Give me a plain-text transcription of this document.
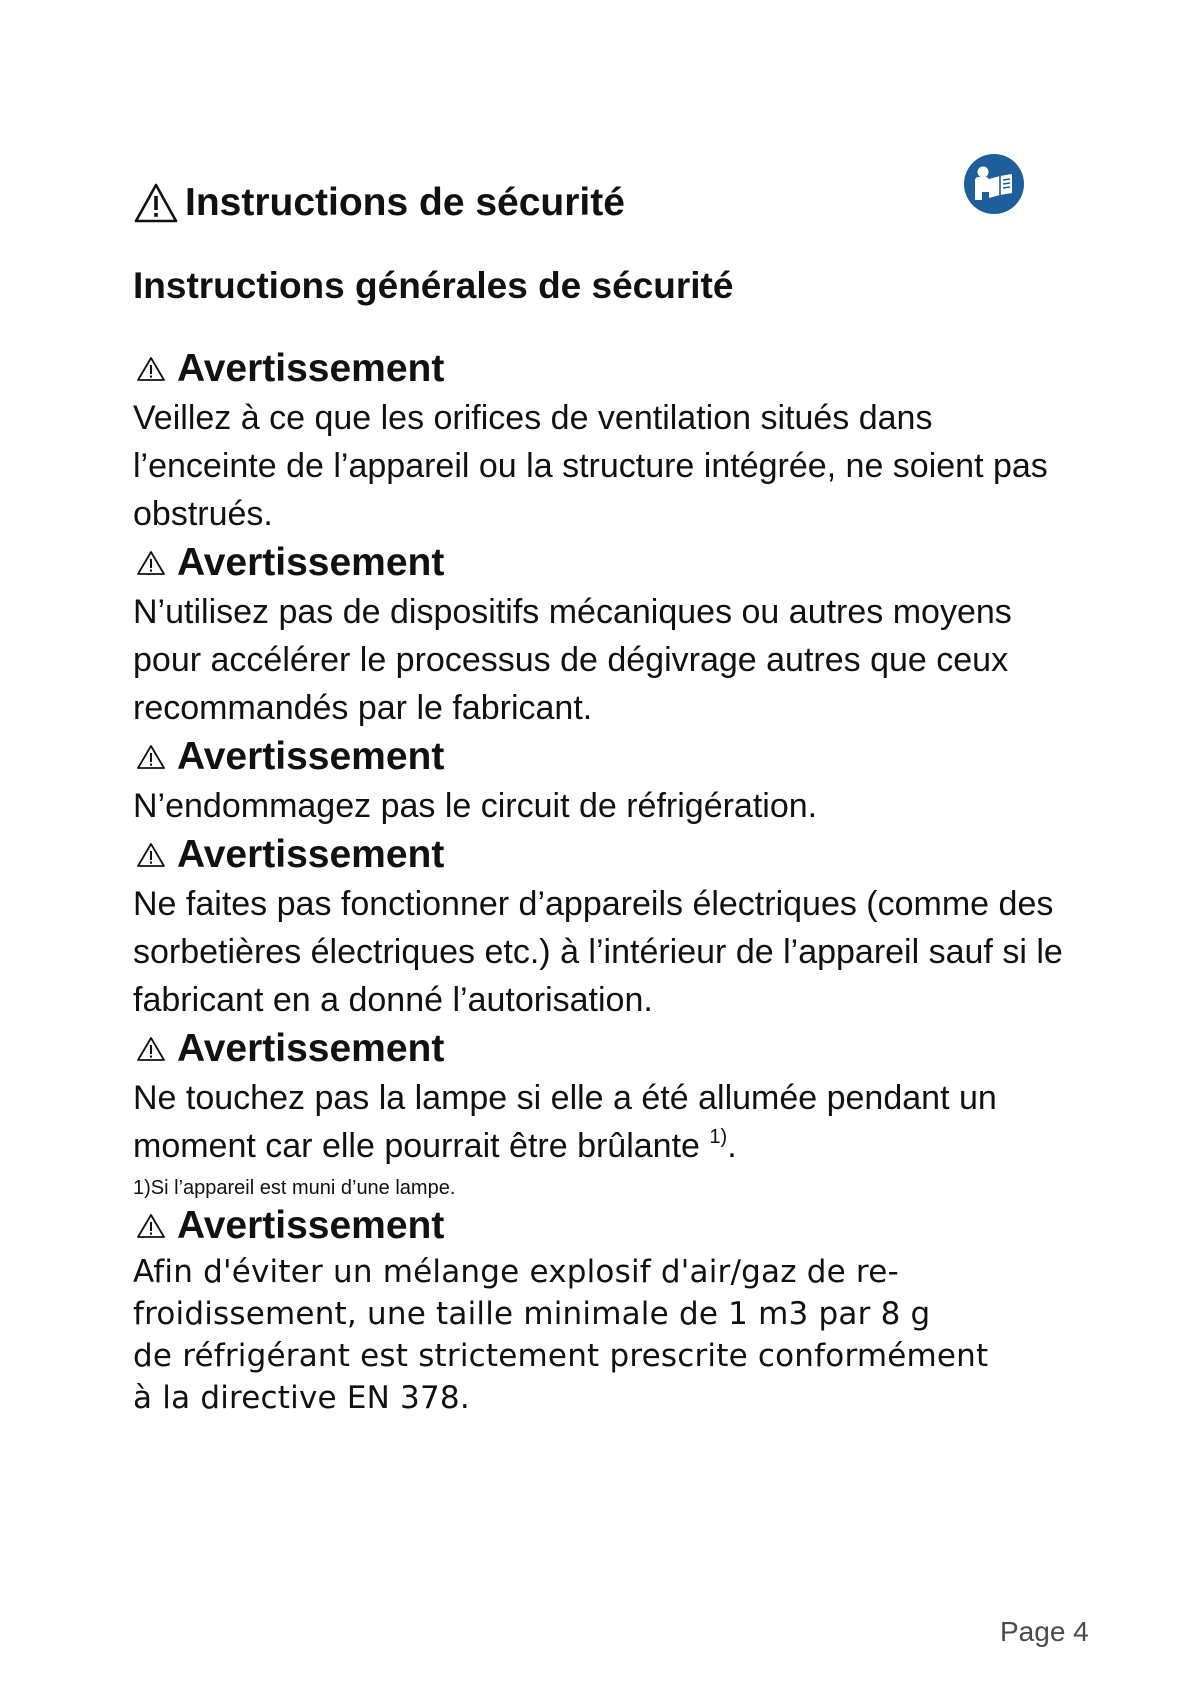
Instructions de sécurité
Instructions générales de sécurité
Avertissement

Veillez à ce que les orifices de ventilation situés dans l’enceinte de l’appareil ou la structure intégrée, ne soient pas obstrués.

Avertissement

N’utilisez pas de dispositifs mécaniques ou autres moyens pour accélérer le processus de dégivrage autres que ceux recommandés par le fabricant.

Avertissement

N’endommagez pas le circuit de réfrigération.

Avertissement

Ne faites pas fonctionner d’appareils électriques (comme des sorbetières électriques etc.) à l’intérieur de l’appareil sauf si le fabricant en a donné l’autorisation.

Avertissement

Ne touchez pas la lampe si elle a été allumée pendant un moment car elle pourrait être brûlante $^{1)}$.

1)Si l’appareil est muni d’une lampe.

Avertissement

Afin d'éviter un mélange explosif d'air/gaz de re-
froidissement, une taille minimale de 1 m3 par 8 g
de réfrigérant est strictement prescrite conformément
à la directive EN 378.

Page 4
